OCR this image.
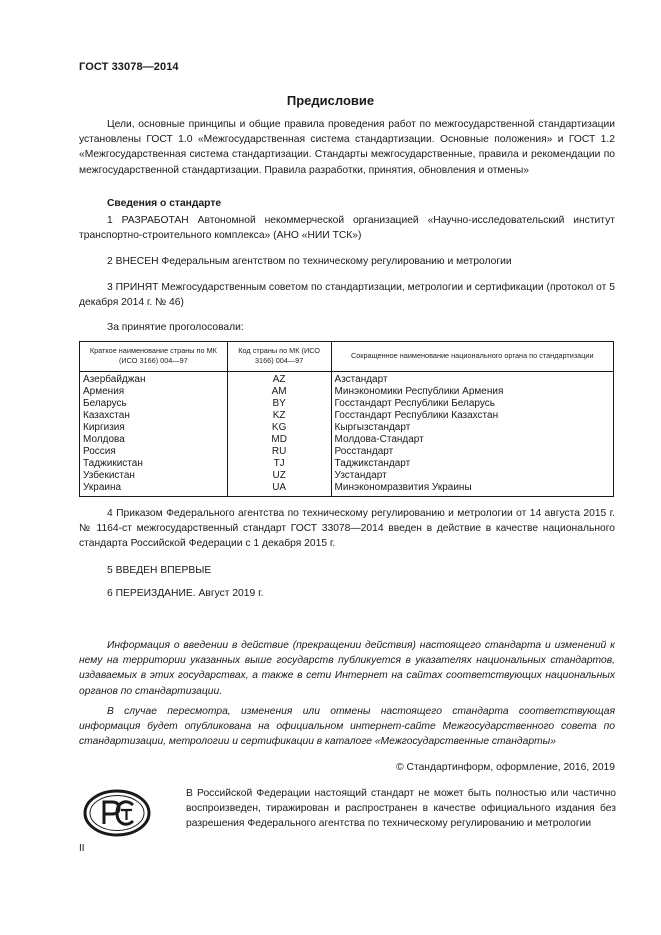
ГОСТ 33078—2014
Предисловие
Цели, основные принципы и общие правила проведения работ по межгосударственной стандартизации установлены ГОСТ 1.0 «Межгосударственная система стандартизации. Основные положения» и ГОСТ 1.2 «Межгосударственная система стандартизации. Стандарты межгосударственные, правила и рекомендации по межгосударственной стандартизации. Правила разработки, принятия, обновления и отмены»
Сведения о стандарте
1 РАЗРАБОТАН Автономной некоммерческой организацией «Научно-исследовательский институт транспортно-строительного комплекса» (АНО «НИИ ТСК»)
2 ВНЕСЕН Федеральным агентством по техническому регулированию и метрологии
3 ПРИНЯТ Межгосударственным советом по стандартизации, метрологии и сертификации (протокол от 5 декабря 2014 г. № 46)
За принятие проголосовали:
Краткое наименование страны по МК (ИСО 3166) 004—97	Код страны по МК (ИСО 3166) 004—97	Сокращенное наименование национального органа по стандартизации
Азербайджан	AZ	Азстандарт
Армения	AM	Минэкономики Республики Армения
Беларусь	BY	Госстандарт Республики Беларусь
Казахстан	KZ	Госстандарт Республики Казахстан
Киргизия	KG	Кыргызстандарт
Молдова	MD	Молдова-Стандарт
Россия	RU	Росстандарт
Таджикистан	TJ	Таджикстандарт
Узбекистан	UZ	Узстандарт
Украина	UA	Минэкономразвития Украины
4 Приказом Федерального агентства по техническому регулированию и метрологии от 14 августа 2015 г. № 1164-ст межгосударственный стандарт ГОСТ 33078—2014 введен в действие в качестве национального стандарта Российской Федерации с 1 декабря 2015 г.
5 ВВЕДЕН ВПЕРВЫЕ
6 ПЕРЕИЗДАНИЕ. Август 2019 г.
Информация о введении в действие (прекращении действия) настоящего стандарта и изменений к нему на территории указанных выше государств публикуется в указателях национальных стандартов, издаваемых в этих государствах, а также в сети Интернет на сайтах соответствующих национальных органов по стандартизации.
В случае пересмотра, изменения или отмены настоящего стандарта соответствующая информация будет опубликована на официальном интернет-сайте Межгосударственного совета по стандартизации, метрологии и сертификации в каталоге «Межгосударственные стандарты»
© Стандартинформ, оформление, 2016, 2019
В Российской Федерации настоящий стандарт не может быть полностью или частично воспроизведен, тиражирован и распространен в качестве официального издания без разрешения Федерального агентства по техническому регулированию и метрологии
II
